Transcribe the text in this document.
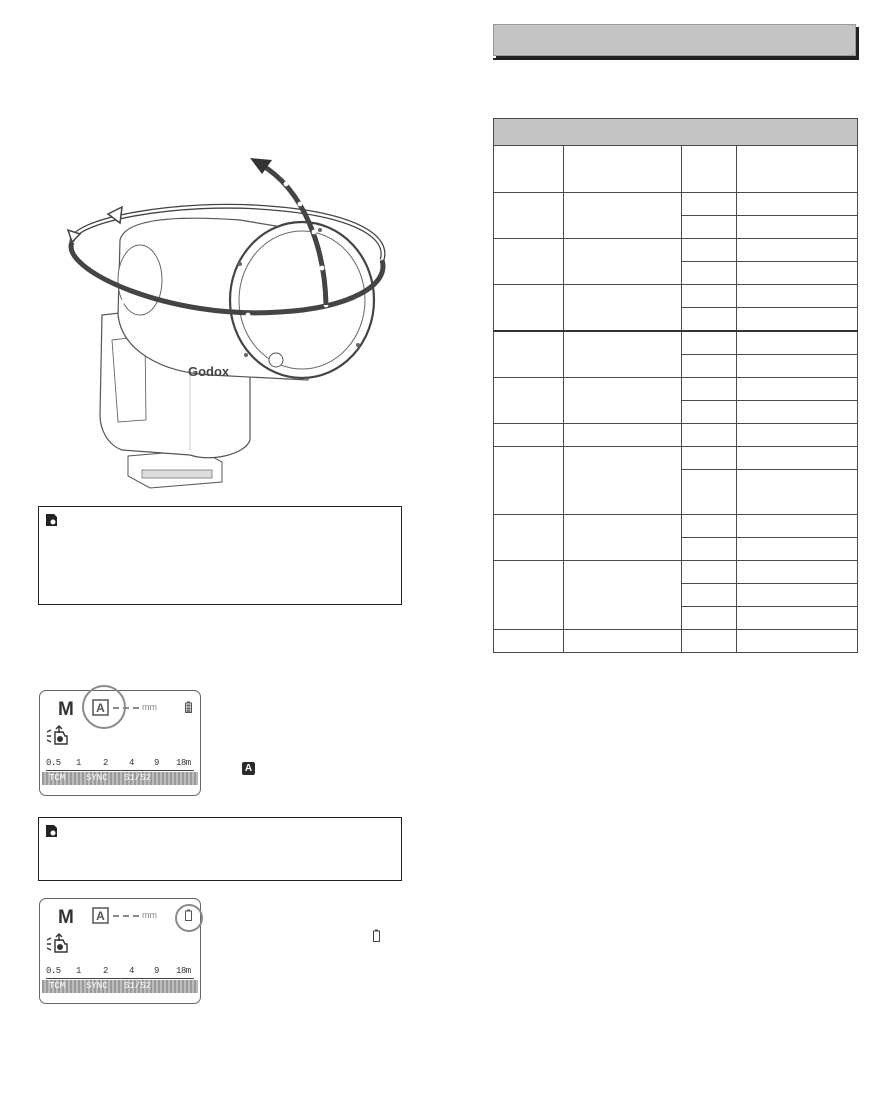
Godox
M A	mm
0.5 1 2 4 9 18m
TCM SYNC S1/S2
A
M A	mm
0.5 1 2 4 9 18m
TCM SYNC S1/S2
